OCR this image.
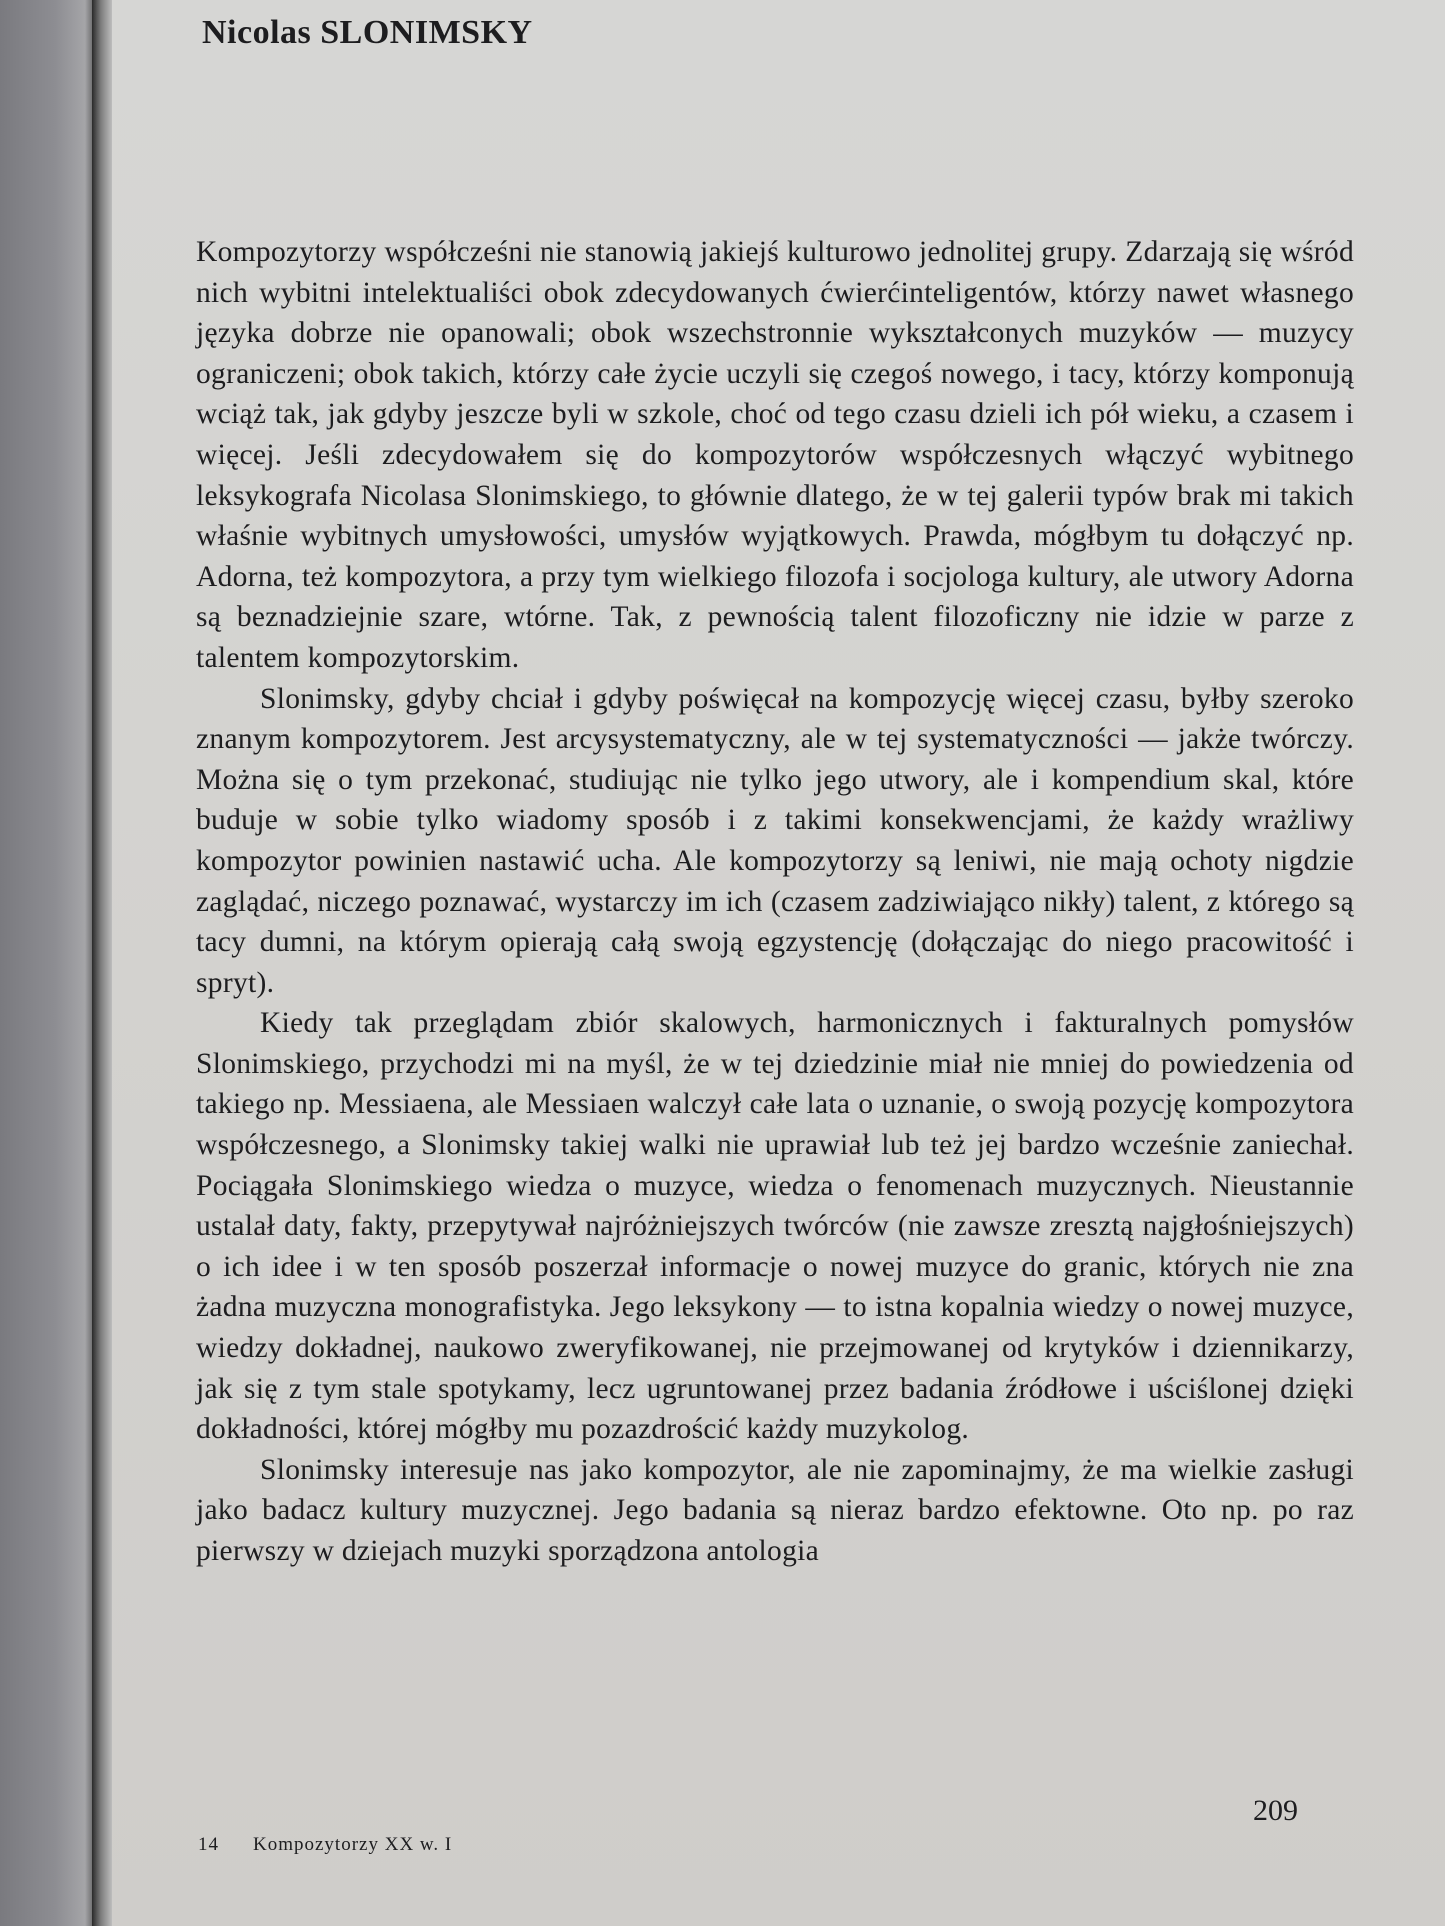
Nicolas SLONIMSKY

Kompozytorzy współcześni nie stanowią jakiejś kulturowo jednolitej grupy. Zdarzają się wśród nich wybitni intelektualiści obok zdecydowanych ćwierćinteligentów, którzy nawet własnego języka dobrze nie opanowali; obok wszechstronnie wykształconych muzyków — muzycy ograniczeni; obok takich, którzy całe życie uczyli się czegoś nowego, i tacy, którzy komponują wciąż tak, jak gdyby jeszcze byli w szkole, choć od tego czasu dzieli ich pół wieku, a czasem i więcej. Jeśli zdecydowałem się do kompozytorów współczesnych włączyć wybitnego leksykografa Nicolasa Slonimskiego, to głównie dlatego, że w tej galerii typów brak mi takich właśnie wybitnych umysłowości, umysłów wyjątkowych. Prawda, mógłbym tu dołączyć np. Adorna, też kompozytora, a przy tym wielkiego filozofa i socjologa kultury, ale utwory Adorna są beznadziejnie szare, wtórne. Tak, z pewnością talent filozoficzny nie idzie w parze z talentem kompozytorskim.

Slonimsky, gdyby chciał i gdyby poświęcał na kompozycję więcej czasu, byłby szeroko znanym kompozytorem. Jest arcysystematyczny, ale w tej systematyczności — jakże twórczy. Można się o tym przekonać, studiując nie tylko jego utwory, ale i kompendium skal, które buduje w sobie tylko wiadomy sposób i z takimi konsekwencjami, że każdy wrażliwy kompozytor powinien nastawić ucha. Ale kompozytorzy są leniwi, nie mają ochoty nigdzie zaglądać, niczego poznawać, wystarczy im ich (czasem zadziwiająco nikły) talent, z którego są tacy dumni, na którym opierają całą swoją egzystencję (dołączając do niego pracowitość i spryt).

Kiedy tak przeglądam zbiór skalowych, harmonicznych i fakturalnych pomysłów Slonimskiego, przychodzi mi na myśl, że w tej dziedzinie miał nie mniej do powiedzenia od takiego np. Messiaena, ale Messiaen walczył całe lata o uznanie, o swoją pozycję kompozytora współczesnego, a Slonimsky takiej walki nie uprawiał lub też jej bardzo wcześnie zaniechał. Pociągała Slonimskiego wiedza o muzyce, wiedza o fenomenach muzycznych. Nieustannie ustalał daty, fakty, przepytywał najróżniejszych twórców (nie zawsze zresztą najgłośniejszych) o ich idee i w ten sposób poszerzał informacje o nowej muzyce do granic, których nie zna żadna muzyczna monografistyka. Jego leksykony — to istna kopalnia wiedzy o nowej muzyce, wiedzy dokładnej, naukowo zweryfikowanej, nie przejmowanej od krytyków i dziennikarzy, jak się z tym stale spotykamy, lecz ugruntowanej przez badania źródłowe i uściślonej dzięki dokładności, której mógłby mu pozazdrościć każdy muzykolog.

Slonimsky interesuje nas jako kompozytor, ale nie zapominajmy, że ma wielkie zasługi jako badacz kultury muzycznej. Jego badania są nieraz bardzo efektowne. Oto np. po raz pierwszy w dziejach muzyki sporządzona antologia

209
14 Kompozytorzy XX w. I
